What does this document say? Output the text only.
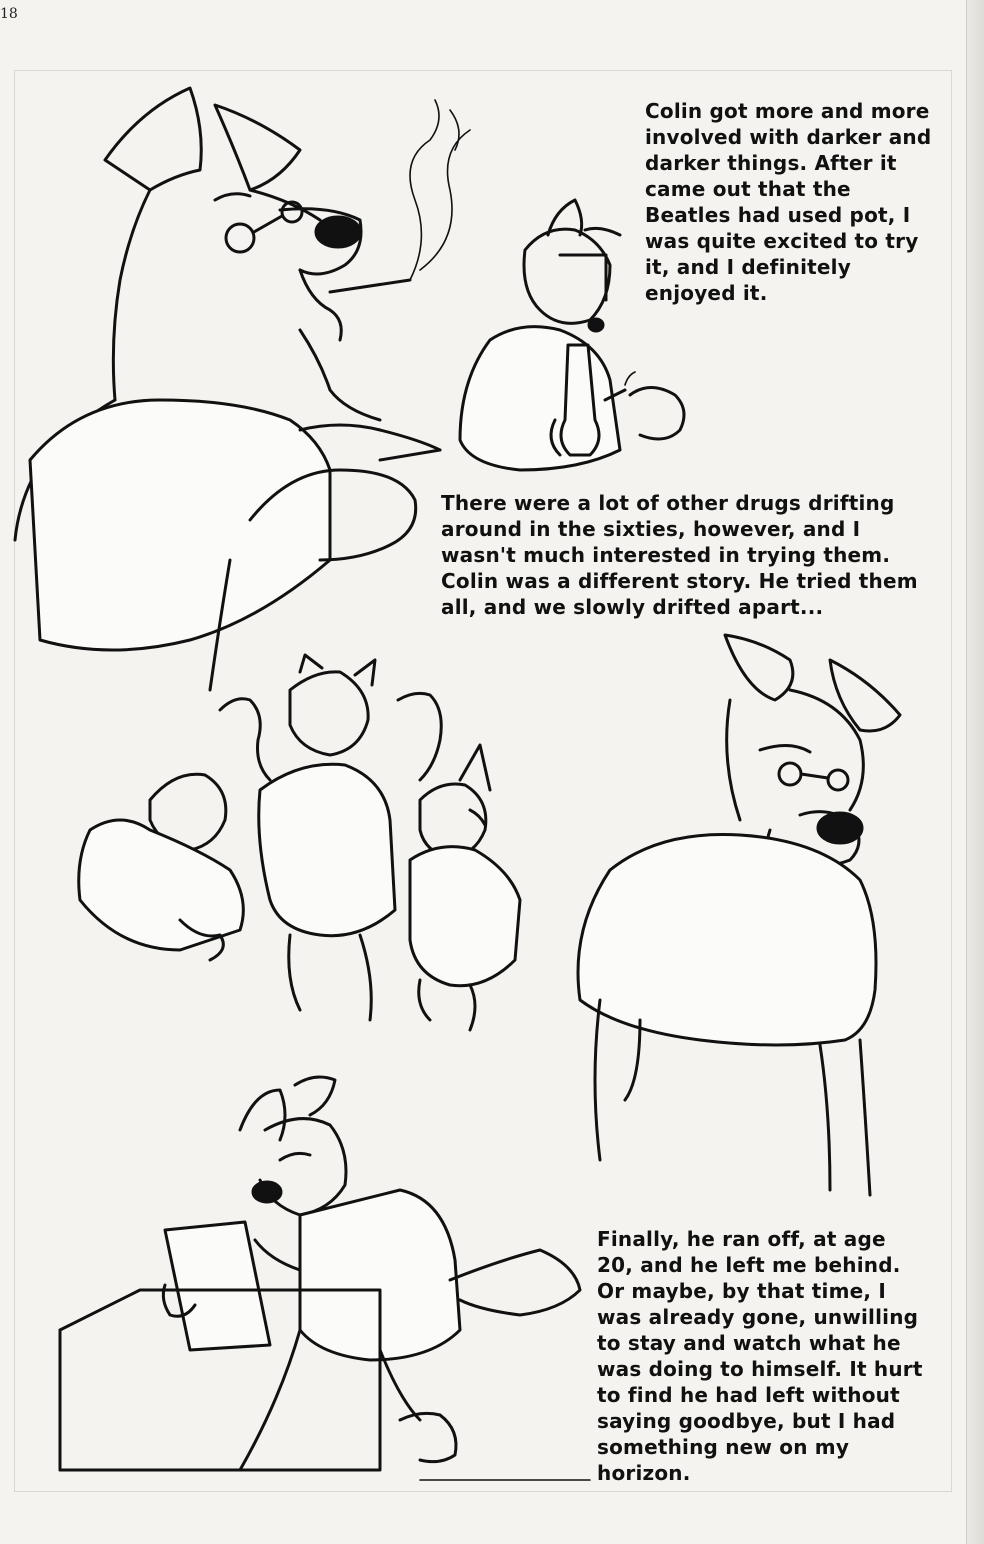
18
Colin got more and more
involved with darker and
darker things. After it
came out that the
Beatles had used pot, I
was quite excited to try
it, and I definitely
enjoyed it.
There were a lot of other drugs drifting
around in the sixties, however, and I
wasn't much interested in trying them.
Colin was a different story. He tried them
all, and we slowly drifted apart...
Finally, he ran off, at age
20, and he left me behind.
Or maybe, by that time, I
was already gone, unwilling
to stay and watch what he
was doing to himself. It hurt
to find he had left without
saying goodbye, but I had
something new on my
horizon.
